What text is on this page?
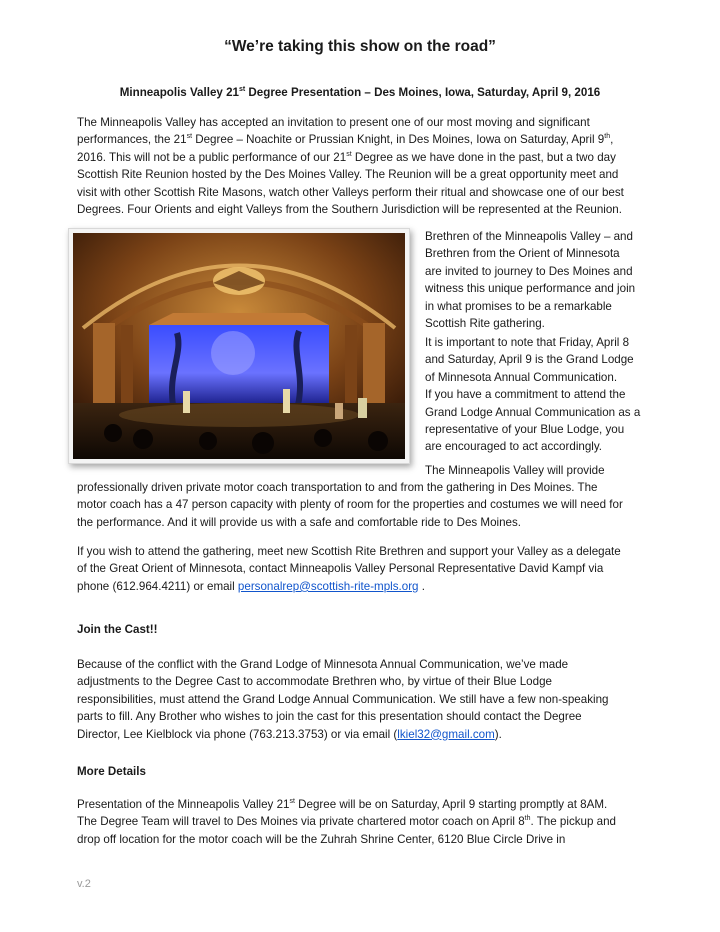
“We’re taking this show on the road”
Minneapolis Valley 21st Degree Presentation – Des Moines, Iowa, Saturday, April 9, 2016
The Minneapolis Valley has accepted an invitation to present one of our most moving and significant
performances, the 21st Degree – Noachite or Prussian Knight, in Des Moines, Iowa on Saturday, April 9th,
2016. This will not be a public performance of our 21st Degree as we have done in the past, but a two day
Scottish Rite Reunion hosted by the Des Moines Valley. The Reunion will be a great opportunity meet and
visit with other Scottish Rite Masons, watch other Valleys perform their ritual and showcase one of our best
Degrees. Four Orients and eight Valleys from the Southern Jurisdiction will be represented at the Reunion.
Brethren of the Minneapolis Valley – and
Brethren from the Orient of Minnesota
are invited to journey to Des Moines and
witness this unique performance and join
in what promises to be a remarkable
Scottish Rite gathering.
It is important to note that Friday, April 8
and Saturday, April 9 is the Grand Lodge
of Minnesota Annual Communication.
If you have a commitment to attend the
Grand Lodge Annual Communication as a
representative of your Blue Lodge, you
are encouraged to act accordingly.
The Minneapolis Valley will provide
professionally driven private motor coach transportation to and from the gathering in Des Moines. The
motor coach has a 47 person capacity with plenty of room for the properties and costumes we will need for
the performance. And it will provide us with a safe and comfortable ride to Des Moines.
If you wish to attend the gathering, meet new Scottish Rite Brethren and support your Valley as a delegate
of the Great Orient of Minnesota, contact Minneapolis Valley Personal Representative David Kampf via
phone (612.964.4211) or email personalrep@scottish-rite-mpls.org .
Join the Cast!!
Because of the conflict with the Grand Lodge of Minnesota Annual Communication, we’ve made
adjustments to the Degree Cast to accommodate Brethren who, by virtue of their Blue Lodge
responsibilities, must attend the Grand Lodge Annual Communication. We still have a few non-speaking
parts to fill. Any Brother who wishes to join the cast for this presentation should contact the Degree
Director, Lee Kielblock via phone (763.213.3753) or via email (lkiel32@gmail.com).
More Details
Presentation of the Minneapolis Valley 21st Degree will be on Saturday, April 9 starting promptly at 8AM.
The Degree Team will travel to Des Moines via private chartered motor coach on April 8th. The pickup and
drop off location for the motor coach will be the Zuhrah Shrine Center, 6120 Blue Circle Drive in
v.2
